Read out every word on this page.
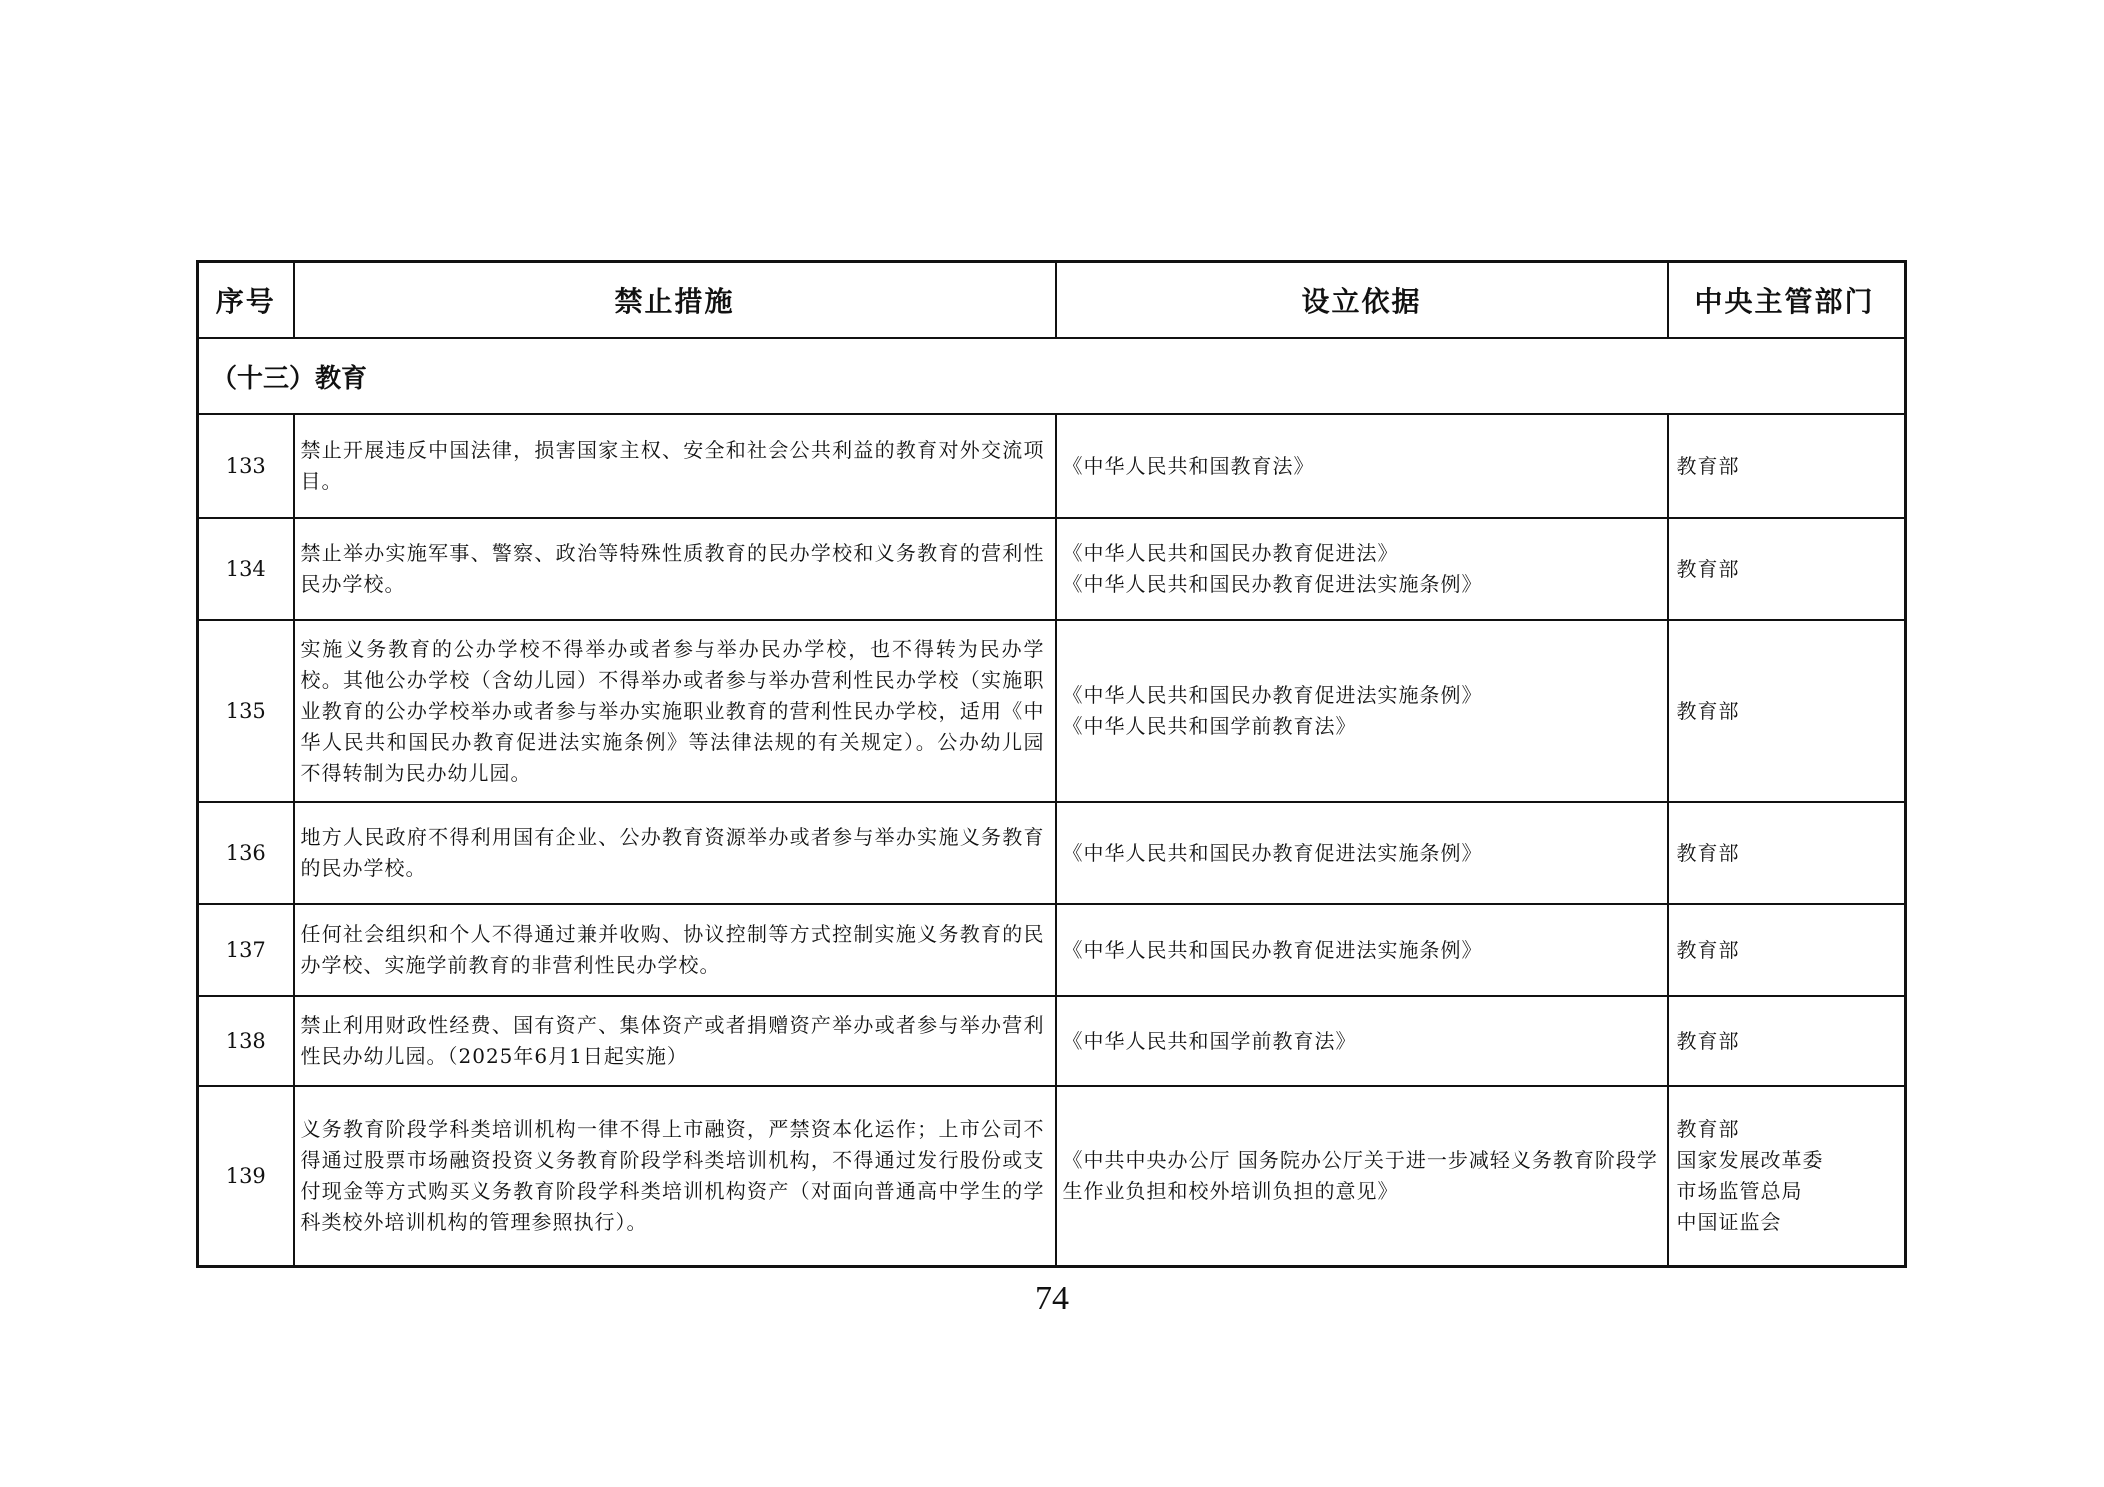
序号	禁止措施	设立依据	中央主管部门
（十三）教育			
133	禁止开展违反中国法律，损害国家主权、安全和社会公共利益的教育对外交流项目。	《中华人民共和国教育法》	教育部

134	禁止举办实施军事、警察、政治等特殊性质教育的民办学校和义务教育的营利性民办学校。	《中华人民共和国民办教育促进法》
《中华人民共和国民办教育促进法实施条例》	教育部

135	实施义务教育的公办学校不得举办或者参与举办民办学校，也不得转为民办学校。其他公办学校（含幼儿园）不得举办或者参与举办营利性民办学校（实施职业教育的公办学校举办或者参与举办实施职业教育的营利性民办学校，适用《中华人民共和国民办教育促进法实施条例》等法律法规的有关规定）。公办幼儿园不得转制为民办幼儿园。	《中华人民共和国民办教育促进法实施条例》
《中华人民共和国学前教育法》	教育部

136	地方人民政府不得利用国有企业、公办教育资源举办或者参与举办实施义务教育的民办学校。	《中华人民共和国民办教育促进法实施条例》	教育部

137	任何社会组织和个人不得通过兼并收购、协议控制等方式控制实施义务教育的民办学校、实施学前教育的非营利性民办学校。	《中华人民共和国民办教育促进法实施条例》	教育部

138	禁止利用财政性经费、国有资产、集体资产或者捐赠资产举办或者参与举办营利性民办幼儿园。（2025年6月1日起实施）	《中华人民共和国学前教育法》	教育部

139	义务教育阶段学科类培训机构一律不得上市融资，严禁资本化运作；上市公司不得通过股票市场融资投资义务教育阶段学科类培训机构，不得通过发行股份或支付现金等方式购买义务教育阶段学科类培训机构资产（对面向普通高中学生的学科类校外培训机构的管理参照执行）。	《中共中央办公厅 国务院办公厅关于进一步减轻义务教育阶段学生作业负担和校外培训负担的意见》	教育部
国家发展改革委
市场监管总局
中国证监会
74
